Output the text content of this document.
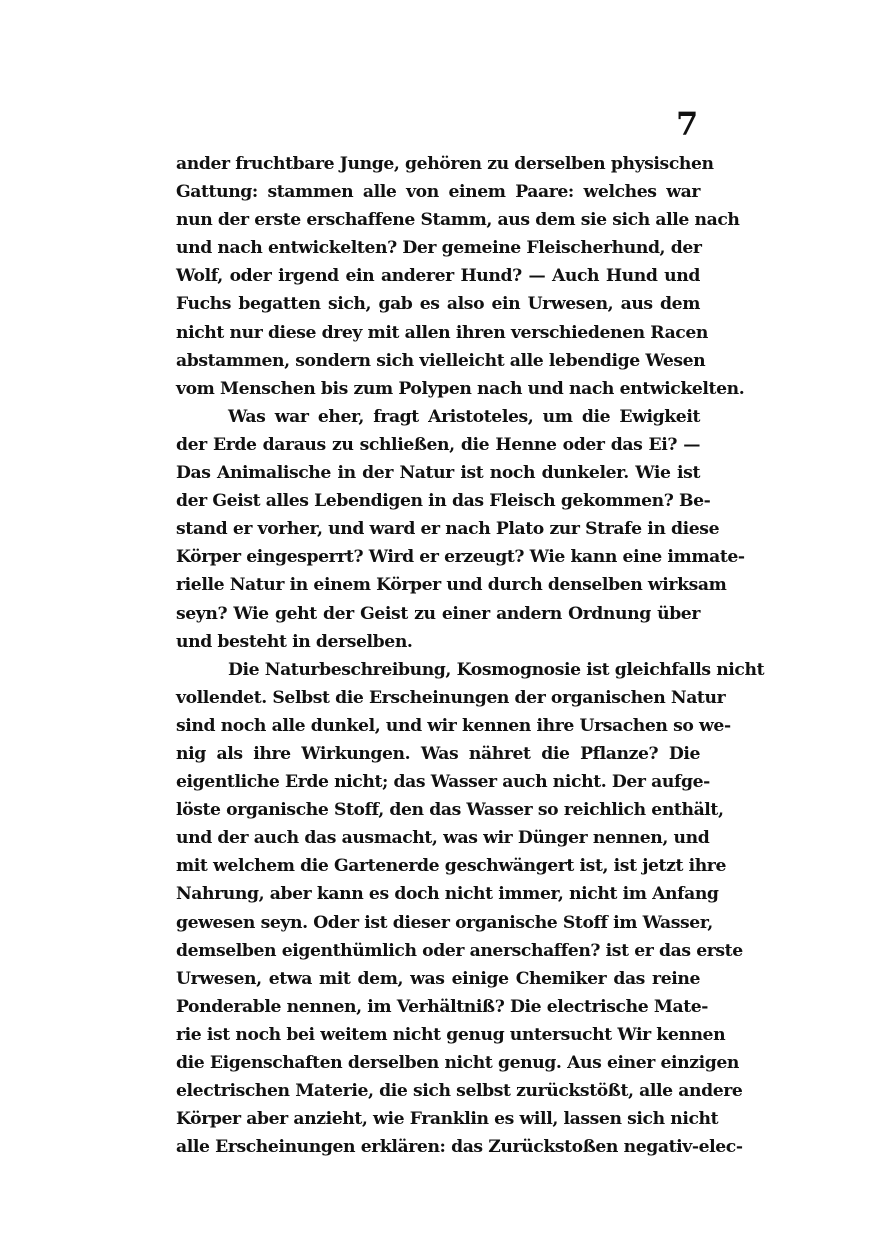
7
ander fruchtbare Junge, gehören zu derselben physischen
Gattung: stammen alle von einem Paare: welches war
nun der erste erschaffene Stamm, aus dem sie sich alle nach
und nach entwickelten? Der gemeine Fleischerhund, der
Wolf, oder irgend ein anderer Hund? — Auch Hund und
Fuchs begatten sich, gab es also ein Urwesen, aus dem
nicht nur diese drey mit allen ihren verschiedenen Racen
abstammen, sondern sich vielleicht alle lebendige Wesen
vom Menschen bis zum Polypen nach und nach entwickelten.
Was war eher, fragt Aristoteles, um die Ewigkeit
der Erde daraus zu schließen, die Henne oder das Ei? —
Das Animalische in der Natur ist noch dunkeler. Wie ist
der Geist alles Lebendigen in das Fleisch gekommen? Be-
stand er vorher, und ward er nach Plato zur Strafe in diese
Körper eingesperrt? Wird er erzeugt? Wie kann eine immate-
rielle Natur in einem Körper und durch denselben wirksam
seyn? Wie geht der Geist zu einer andern Ordnung über
und besteht in derselben.
Die Naturbeschreibung, Kosmognosie ist gleichfalls nicht
vollendet. Selbst die Erscheinungen der organischen Natur
sind noch alle dunkel, und wir kennen ihre Ursachen so we-
nig als ihre Wirkungen. Was nähret die Pflanze? Die
eigentliche Erde nicht; das Wasser auch nicht. Der aufge-
löste organische Stoff, den das Wasser so reichlich enthält,
und der auch das ausmacht, was wir Dünger nennen, und
mit welchem die Gartenerde geschwängert ist, ist jetzt ihre
Nahrung, aber kann es doch nicht immer, nicht im Anfang
gewesen seyn. Oder ist dieser organische Stoff im Wasser,
demselben eigenthümlich oder anerschaffen? ist er das erste
Urwesen, etwa mit dem, was einige Chemiker das reine
Ponderable nennen, im Verhältniß? Die electrische Mate-
rie ist noch bei weitem nicht genug untersucht Wir kennen
die Eigenschaften derselben nicht genug. Aus einer einzigen
electrischen Materie, die sich selbst zurückstößt, alle andere
Körper aber anzieht, wie Franklin es will, lassen sich nicht
alle Erscheinungen erklären: das Zurückstoßen negativ-elec-
